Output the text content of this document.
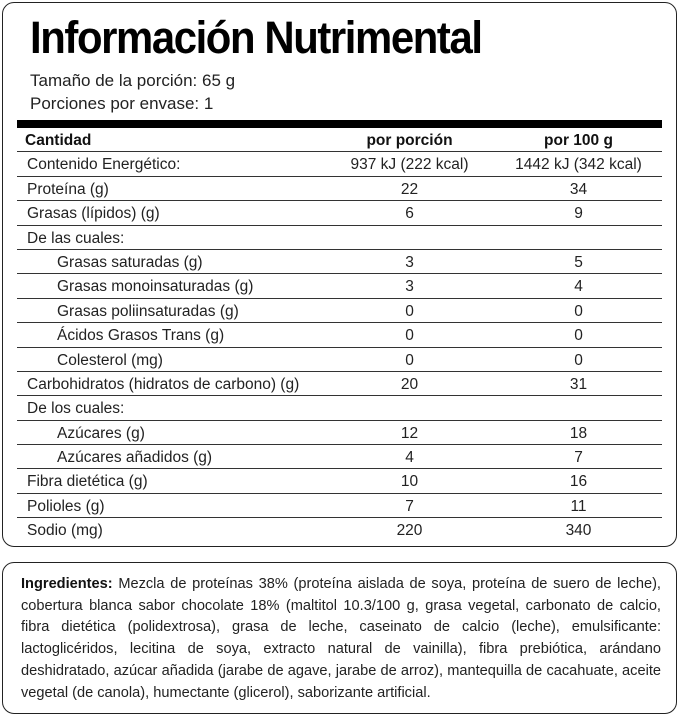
Información Nutrimental
Tamaño de la porción: 65 g
Porciones por envase: 1
Cantidad	por porción	por 100 g
Contenido Energético:	937 kJ (222 kcal)	1442 kJ (342 kcal)
Proteína (g)	22	34
Grasas (lípidos) (g)	6	9
De las cuales:
Grasas saturadas (g)	3	5
Grasas monoinsaturadas (g)	3	4
Grasas poliinsaturadas (g)	0	0
Ácidos Grasos Trans (g)	0	0
Colesterol (mg)	0	0
Carbohidratos (hidratos de carbono) (g)	20	31
De los cuales:
Azúcares (g)	12	18
Azúcares añadidos (g)	4	7
Fibra dietética (g)	10	16
Polioles (g)	7	11
Sodio (mg)	220	340
Ingredientes: Mezcla de proteínas 38% (proteína aislada de soya, proteína de suero de leche), cobertura blanca sabor chocolate 18% (maltitol 10.3/100 g, grasa vegetal, carbonato de calcio, fibra dietética (polidextrosa), grasa de leche, caseinato de calcio (leche), emulsificante: lactoglicéridos, lecitina de soya, extracto natural de vainilla), fibra prebiótica, arándano deshidratado, azúcar añadida (jarabe de agave, jarabe de arroz), mantequilla de cacahuate, aceite vegetal (de canola), humectante (glicerol), saborizante artificial.
